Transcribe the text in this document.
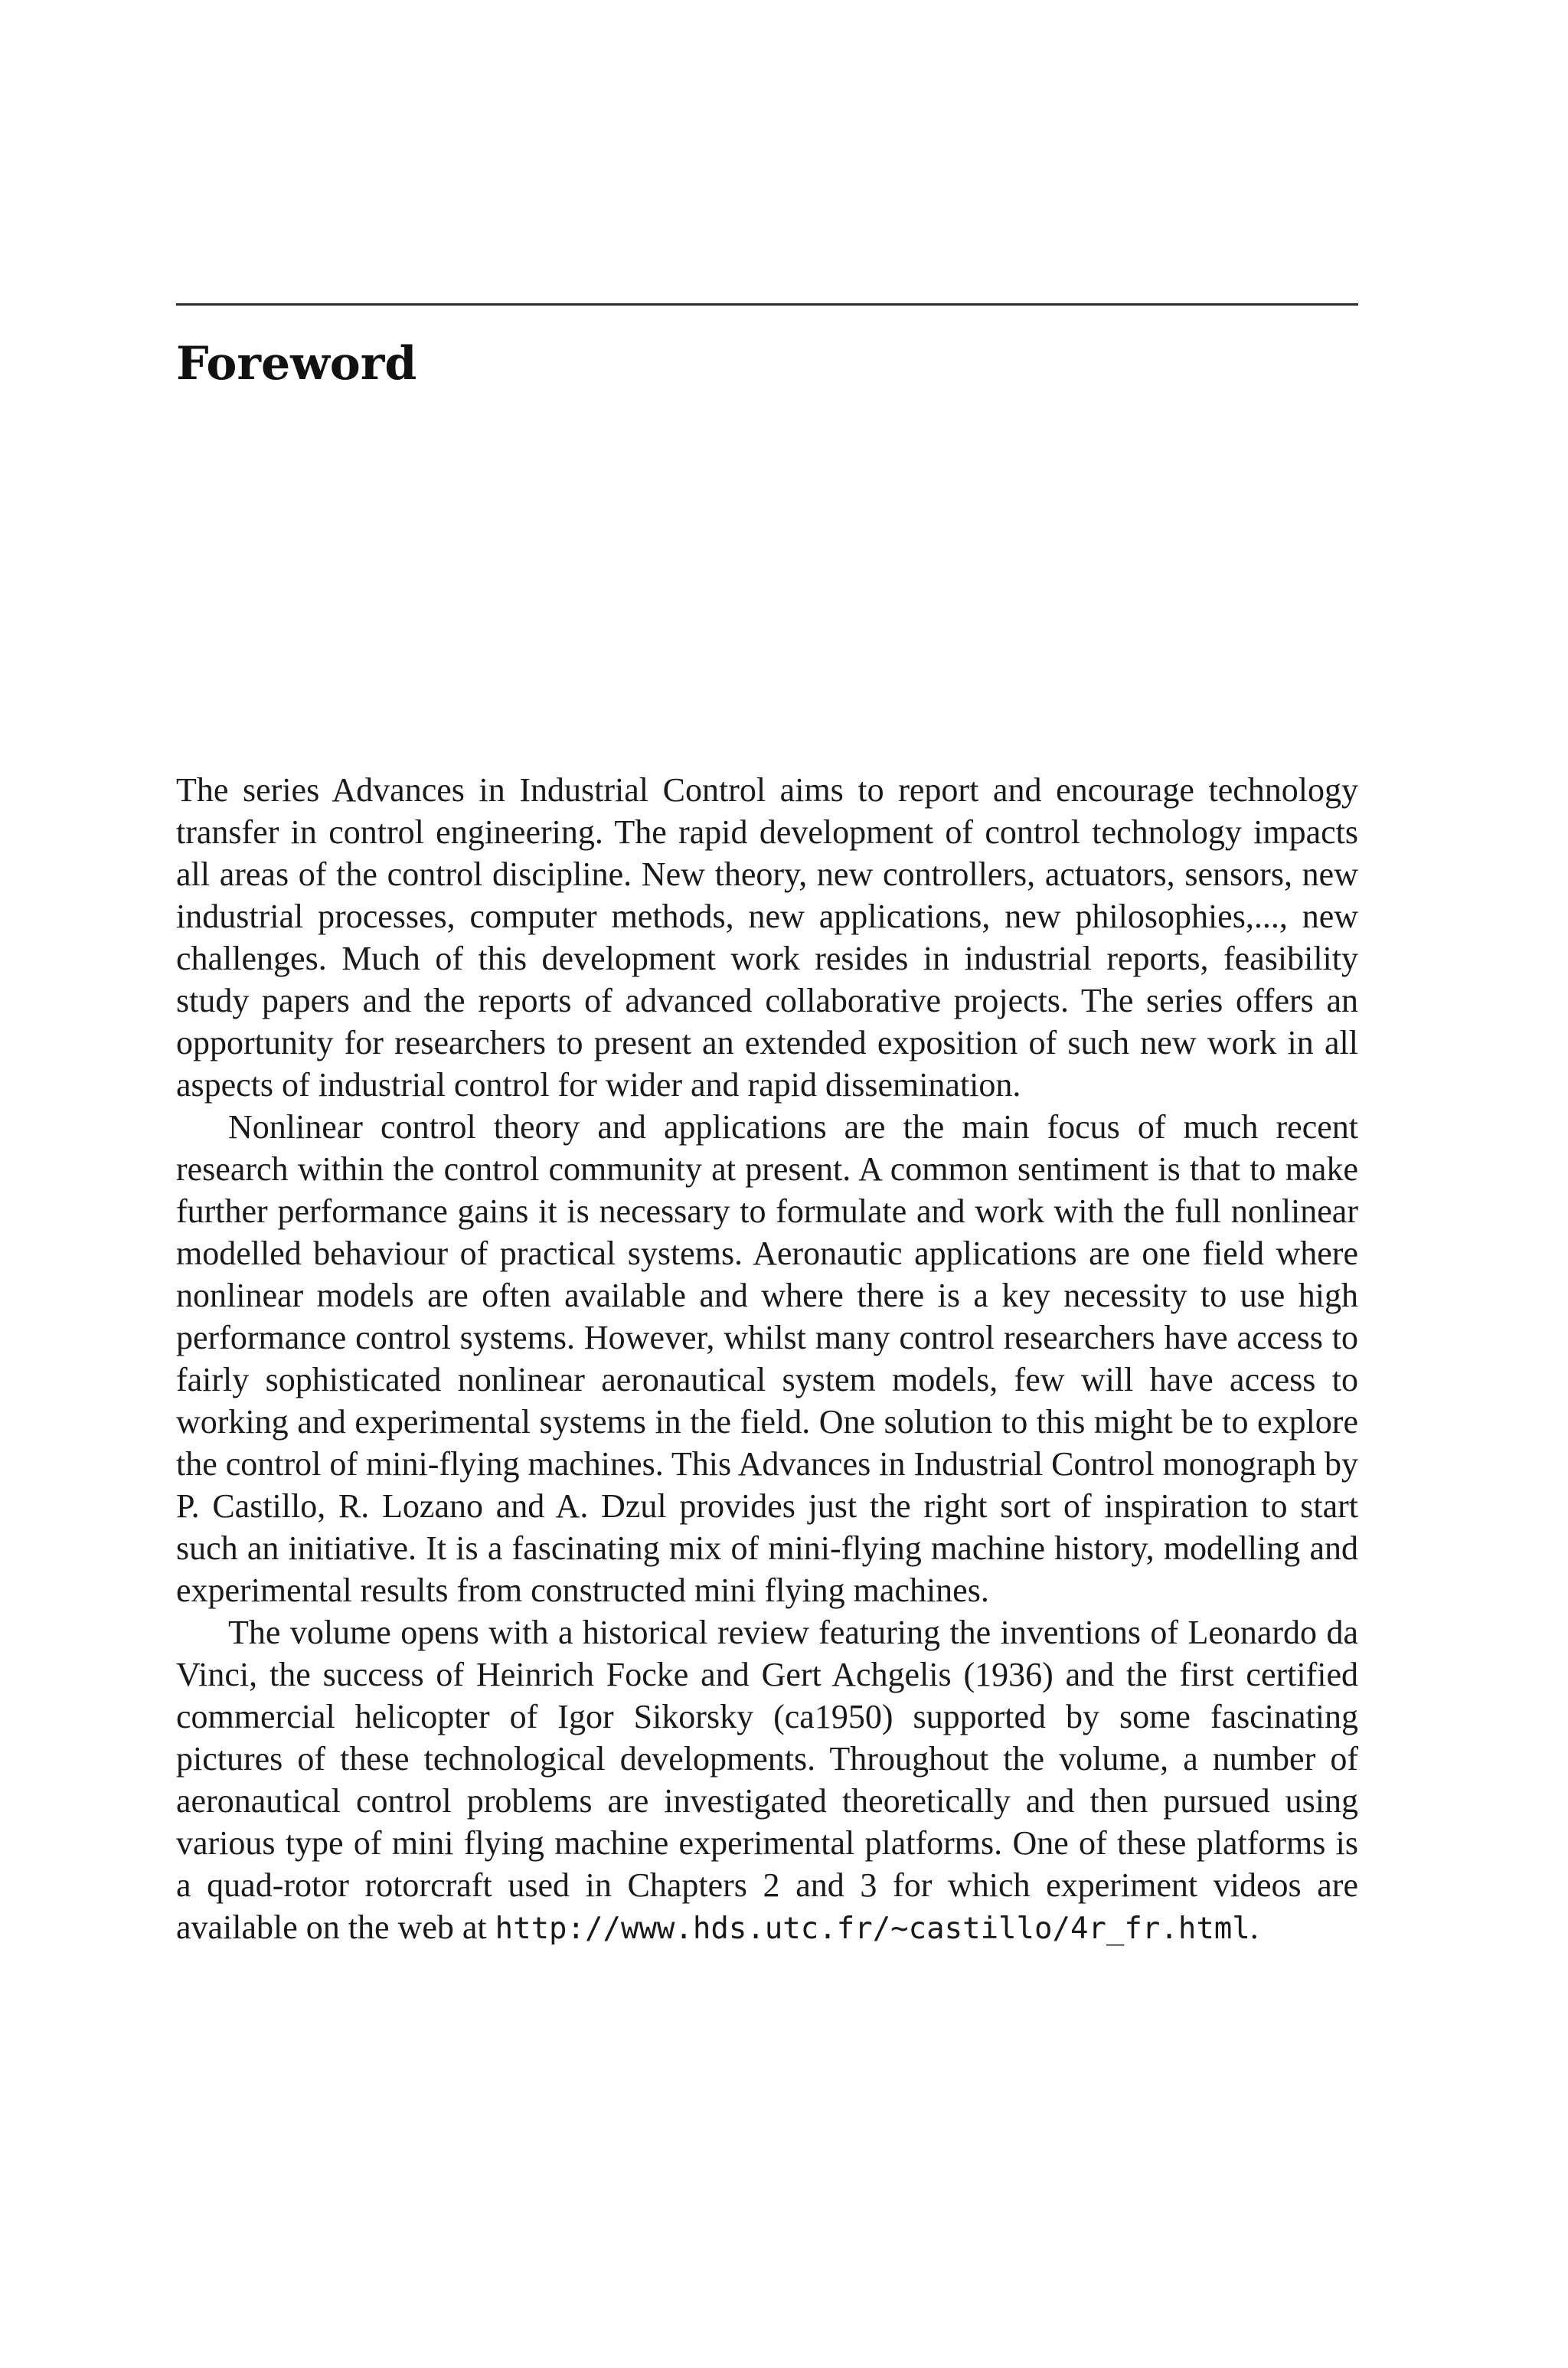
Foreword

The series Advances in Industrial Control aims to report and encourage technology transfer in control engineering. The rapid development of control technology impacts all areas of the control discipline. New theory, new controllers, actuators, sensors, new industrial processes, computer methods, new applications, new philosophies,..., new challenges. Much of this development work resides in industrial reports, feasibility study papers and the reports of advanced collaborative projects. The series offers an opportunity for researchers to present an extended exposition of such new work in all aspects of industrial control for wider and rapid dissemination.

Nonlinear control theory and applications are the main focus of much recent research within the control community at present. A common sentiment is that to make further performance gains it is necessary to formulate and work with the full nonlinear modelled behaviour of practical systems. Aeronautic applications are one field where nonlinear models are often available and where there is a key necessity to use high performance control systems. However, whilst many control researchers have access to fairly sophisticated nonlinear aeronautical system models, few will have access to working and experimental systems in the field. One solution to this might be to explore the control of mini-flying machines. This Advances in Industrial Control monograph by P. Castillo, R. Lozano and A. Dzul provides just the right sort of inspiration to start such an initiative. It is a fascinating mix of mini-flying machine history, modelling and experimental results from constructed mini flying machines.

The volume opens with a historical review featuring the inventions of Leonardo da Vinci, the success of Heinrich Focke and Gert Achgelis (1936) and the first certified commercial helicopter of Igor Sikorsky (ca1950) supported by some fascinating pictures of these technological developments. Throughout the volume, a number of aeronautical control problems are investigated theoretically and then pursued using various type of mini flying machine experimental platforms. One of these platforms is a quad-rotor rotorcraft used in Chapters 2 and 3 for which experiment videos are available on the web at http://www.hds.utc.fr/~castillo/4r_fr.html.
